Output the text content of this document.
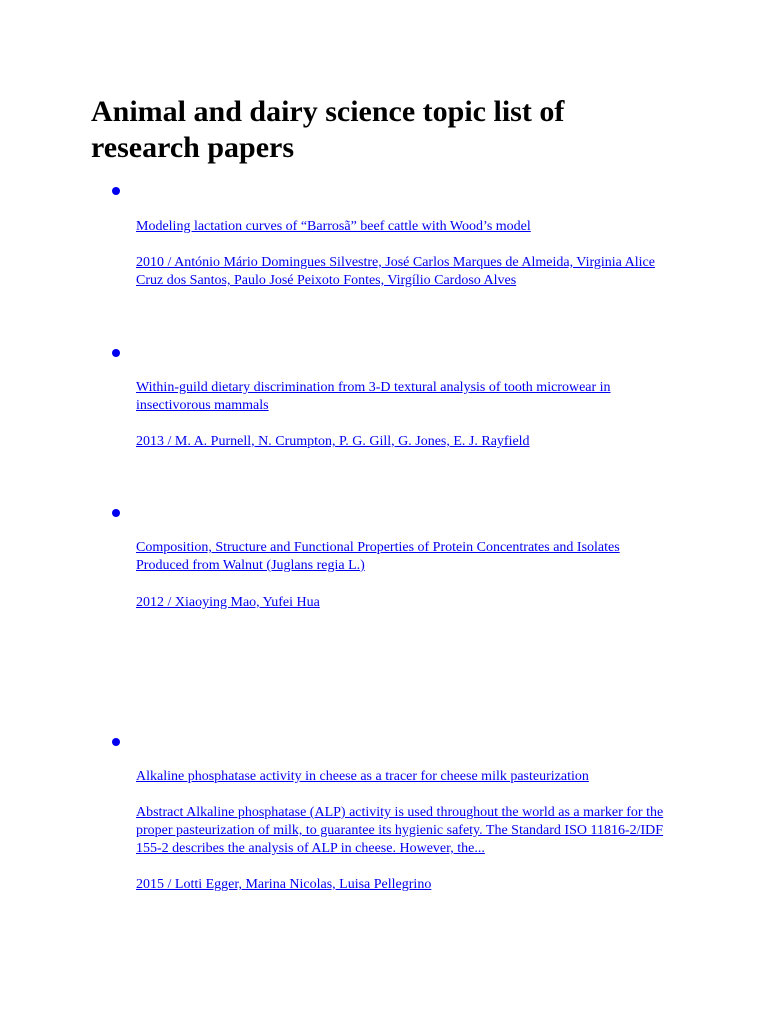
Animal and dairy science topic list of research papers
Modeling lactation curves of “Barrosã” beef cattle with Wood’s model
2010 / António Mário Domingues Silvestre, José Carlos Marques de Almeida, Virginia Alice Cruz dos Santos, Paulo José Peixoto Fontes, Virgílio Cardoso Alves
Within-guild dietary discrimination from 3-D textural analysis of tooth microwear in insectivorous mammals
2013 / M. A. Purnell, N. Crumpton, P. G. Gill, G. Jones, E. J. Rayfield
Composition, Structure and Functional Properties of Protein Concentrates and Isolates Produced from Walnut (Juglans regia L.)
2012 / Xiaoying Mao, Yufei Hua
Alkaline phosphatase activity in cheese as a tracer for cheese milk pasteurization
Abstract Alkaline phosphatase (ALP) activity is used throughout the world as a marker for the proper pasteurization of milk, to guarantee its hygienic safety. The Standard ISO 11816-2/IDF 155-2 describes the analysis of ALP in cheese. However, the...
2015 / Lotti Egger, Marina Nicolas, Luisa Pellegrino
